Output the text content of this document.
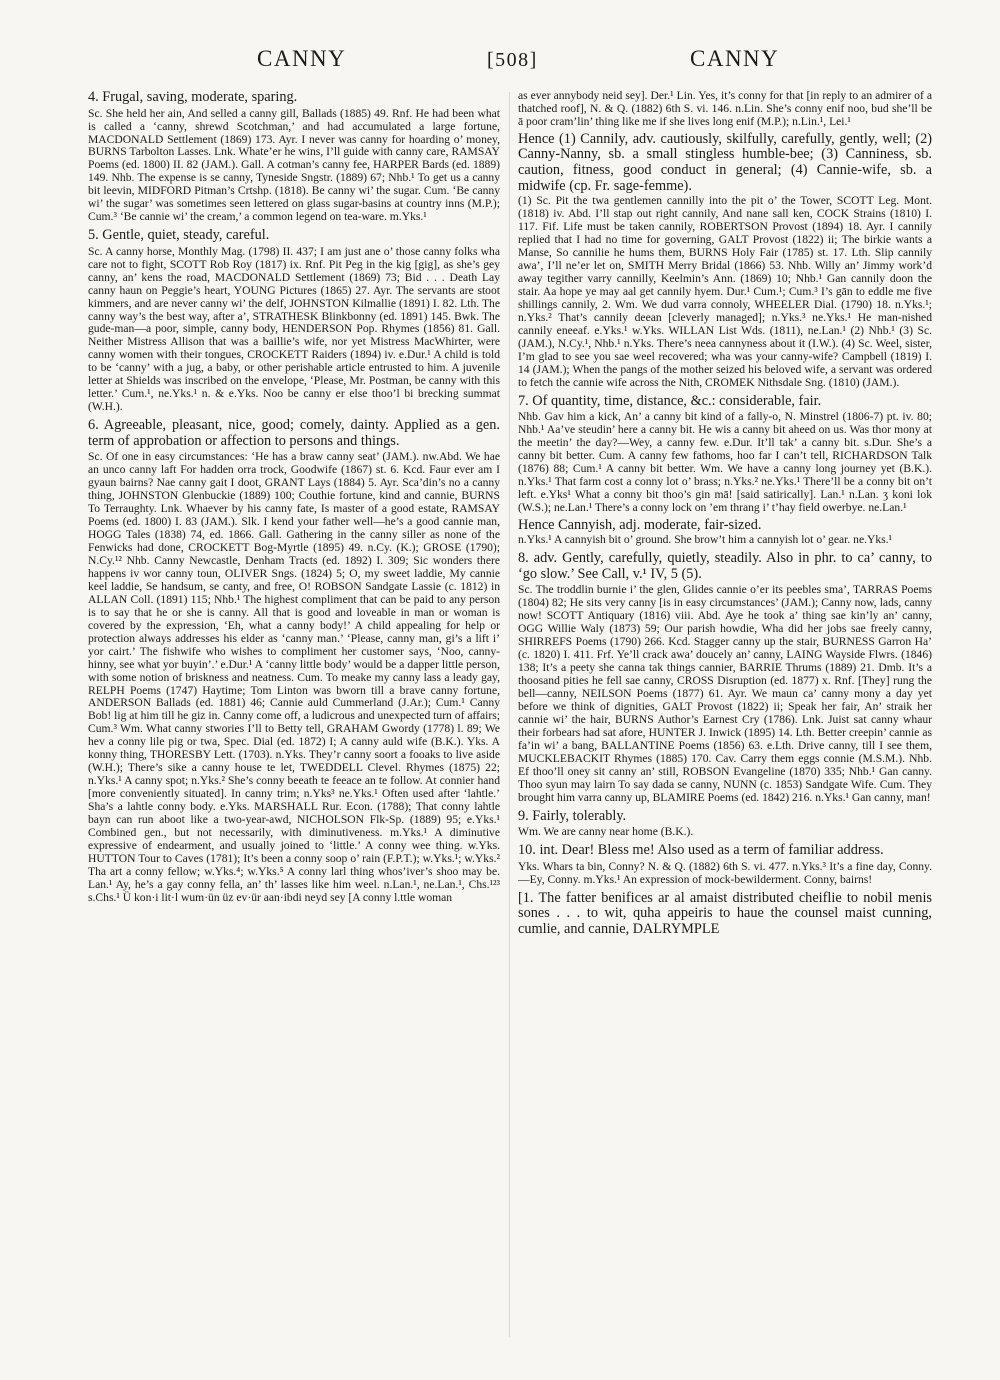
CANNY	[508]	CANNY

4. Frugal, saving, moderate, sparing.

Sc. She held her ain, And selled a canny gill, Ballads (1885) 49. Rnf. He had been what is called a ‘canny, shrewd Scotchman,’ and had accumulated a large fortune, MACDONALD Settlement (1869) 173. Ayr. I never was canny for hoarding o’ money, BURNS Tarbolton Lasses. Lnk. Whate’er he wins, I’ll guide with canny care, RAMSAY Poems (ed. 1800) II. 82 (JAM.). Gall. A cotman’s canny fee, HARPER Bards (ed. 1889) 149. Nhb. The expense is se canny, Tyneside Sngstr. (1889) 67; Nhb.¹ To get us a canny bit leevin, MIDFORD Pitman’s Crtshp. (1818). Be canny wi’ the sugar. Cum. ‘Be canny wi’ the sugar’ was sometimes seen lettered on glass sugar-basins at country inns (M.P.); Cum.³ ‘Be cannie wi’ the cream,’ a common legend on tea-ware. m.Yks.¹

5. Gentle, quiet, steady, careful.

Sc. A canny horse, Monthly Mag. (1798) II. 437; I am just ane o’ those canny folks wha care not to fight, SCOTT Rob Roy (1817) ix. Rnf. Pit Peg in the kig [gig], as she’s gey canny, an’ kens the road, MACDONALD Settlement (1869) 73; Bid . . . Death Lay canny haun on Peggie’s heart, YOUNG Pictures (1865) 27. Ayr. The servants are stoot kimmers, and are never canny wi’ the delf, JOHNSTON Kilmallie (1891) I. 82. Lth. The canny way’s the best way, after a’, STRATHESK Blinkbonny (ed. 1891) 145. Bwk. The gude-man—a poor, simple, canny body, HENDERSON Pop. Rhymes (1856) 81. Gall. Neither Mistress Allison that was a baillie’s wife, nor yet Mistress MacWhirter, were canny women with their tongues, CROCKETT Raiders (1894) iv. e.Dur.¹ A child is told to be ‘canny’ with a jug, a baby, or other perishable article entrusted to him. A juvenile letter at Shields was inscribed on the envelope, ‘Please, Mr. Postman, be canny with this letter.’ Cum.¹, ne.Yks.¹ n. & e.Yks. Noo be canny er else thoo’l bi brecking summat (W.H.).

6. Agreeable, pleasant, nice, good; comely, dainty. Applied as a gen. term of approbation or affection to persons and things.

Sc. Of one in easy circumstances: ‘He has a braw canny seat’ (JAM.). nw.Abd. We hae an unco canny laft For hadden orra trock, Goodwife (1867) st. 6. Kcd. Faur ever am I gyaun bairns? Nae canny gait I doot, GRANT Lays (1884) 5. Ayr. Sca’din’s no a canny thing, JOHNSTON Glenbuckie (1889) 100; Couthie fortune, kind and cannie, BURNS To Terraughty. Lnk. Whaever by his canny fate, Is master of a good estate, RAMSAY Poems (ed. 1800) I. 83 (JAM.). Slk. I kend your father well—he’s a good cannie man, HOGG Tales (1838) 74, ed. 1866. Gall. Gathering in the canny siller as none of the Fenwicks had done, CROCKETT Bog-Myrtle (1895) 49. n.Cy. (K.); GROSE (1790); N.Cy.¹² Nhb. Canny Newcastle, Denham Tracts (ed. 1892) I. 309; Sic wonders there happens iv wor canny toun, OLIVER Sngs. (1824) 5; O, my sweet laddie, My cannie keel laddie, Se handsum, se canty, and free, O! ROBSON Sandgate Lassie (c. 1812) in ALLAN Coll. (1891) 115; Nhb.¹ The highest compliment that can be paid to any person is to say that he or she is canny. All that is good and loveable in man or woman is covered by the expression, ‘Eh, what a canny body!’ A child appealing for help or protection always addresses his elder as ‘canny man.’ ‘Please, canny man, gi’s a lift i’ yor cairt.’ The fishwife who wishes to compliment her customer says, ‘Noo, canny-hinny, see what yor buyin’.’ e.Dur.¹ A ‘canny little body’ would be a dapper little person, with some notion of briskness and neatness. Cum. To meake my canny lass a leady gay, RELPH Poems (1747) Haytime; Tom Linton was bworn till a brave canny fortune, ANDERSON Ballads (ed. 1881) 46; Cannie auld Cummerland (J.Ar.); Cum.¹ Canny Bob! lig at him till he giz in. Canny come off, a ludicrous and unexpected turn of affairs; Cum.³ Wm. What canny stwories I’ll to Betty tell, GRAHAM Gwordy (1778) l. 89; We hev a conny lile pig or twa, Spec. Dial (ed. 1872) I; A canny auld wife (B.K.). Yks. A konny thing, THORESBY Lett. (1703). n.Yks. They’r canny soort a fooaks to live aside (W.H.); There’s sike a canny house te let, TWEDDELL Clevel. Rhymes (1875) 22; n.Yks.¹ A canny spot; n.Yks.² She’s conny beeath te feeace an te follow. At connier hand [more conveniently situated]. In canny trim; n.Yks³ ne.Yks.¹ Often used after ‘lahtle.’ Sha’s a lahtle conny body. e.Yks. MARSHALL Rur. Econ. (1788); That conny lahtle bayn can run aboot like a two-year-awd, NICHOLSON Flk-Sp. (1889) 95; e.Yks.¹ Combined gen., but not necessarily, with diminutiveness. m.Yks.¹ A diminutive expressive of endearment, and usually joined to ‘little.’ A conny wee thing. w.Yks. HUTTON Tour to Caves (1781); It’s been a conny soop o’ rain (F.P.T.); w.Yks.¹; w.Yks.² Tha art a conny fellow; w.Yks.⁴; w.Yks.⁵ A conny larl thing whos’iver’s shoo may be. Lan.¹ Ay, he’s a gay conny fella, an’ th’ lasses like him weel. n.Lan.¹, ne.Lan.¹, Chs.¹²³ s.Chs.¹ Ü kon·i lit·l wum·ün üz ev·ür aan·ibdi neyd sey [A conny l.ttle woman

as ever annybody neid sey]. Der.¹ Lin. Yes, it’s conny for that [in reply to an admirer of a thatched roof], N. & Q. (1882) 6th S. vi. 146. n.Lin. She’s conny enif noo, bud she’ll be ā poor cram’lin’ thing like me if she lives long enif (M.P.); n.Lin.¹, Lei.¹

Hence (1) Cannily, adv. cautiously, skilfully, carefully, gently, well; (2) Canny-Nanny, sb. a small stingless humble-bee; (3) Canniness, sb. caution, fitness, good conduct in general; (4) Cannie-wife, sb. a midwife (cp. Fr. sage-femme).

(1) Sc. Pit the twa gentlemen cannilly into the pit o’ the Tower, SCOTT Leg. Mont. (1818) iv. Abd. I’ll stap out right cannily, And nane sall ken, COCK Strains (1810) I. 117. Fif. Life must be taken cannily, ROBERTSON Provost (1894) 18. Ayr. I cannily replied that I had no time for governing, GALT Provost (1822) ii; The birkie wants a Manse, So cannilie he hums them, BURNS Holy Fair (1785) st. 17. Lth. Slip cannily awa’, I’ll ne’er let on, SMITH Merry Bridal (1866) 53. Nhb. Willy an’ Jimmy work’d away tegither varry cannilly, Keelmin’s Ann. (1869) 10; Nhb.¹ Gan cannily doon the stair. Aa hope ye may aal get cannily hyem. Dur.¹ Cum.¹; Cum.³ I’s gān to eddle me five shillings cannily, 2. Wm. We dud varra connoly, WHEELER Dial. (1790) 18. n.Yks.¹; n.Yks.² That’s cannily deean [cleverly managed]; n.Yks.³ ne.Yks.¹ He man-nished cannily eneeaf. e.Yks.¹ w.Yks. WILLAN List Wds. (1811), ne.Lan.¹ (2) Nhb.¹ (3) Sc. (JAM.), N.Cy.¹, Nhb.¹ n.Yks. There’s neea cannyness about it (I.W.). (4) Sc. Weel, sister, I’m glad to see you sae weel recovered; wha was your canny-wife? Campbell (1819) I. 14 (JAM.); When the pangs of the mother seized his beloved wife, a servant was ordered to fetch the cannie wife across the Nith, CROMEK Nithsdale Sng. (1810) (JAM.).

7. Of quantity, time, distance, &c.: considerable, fair.

Nhb. Gav him a kick, An’ a canny bit kind of a fally-o, N. Minstrel (1806-7) pt. iv. 80; Nhb.¹ Aa’ve steudin’ here a canny bit. He wis a canny bit aheed on us. Was thor mony at the meetin’ the day?—Wey, a canny few. e.Dur. It’ll tak’ a canny bit. s.Dur. She’s a canny bit better. Cum. A canny few fathoms, hoo far I can’t tell, RICHARDSON Talk (1876) 88; Cum.¹ A canny bit better. Wm. We have a canny long journey yet (B.K.). n.Yks.¹ That farm cost a conny lot o’ brass; n.Yks.² ne.Yks.¹ There’ll be a conny bit on’t left. e.Yks¹ What a conny bit thoo’s gin mā! [said satirically]. Lan.¹ n.Lan. ʒ koni lok (W.S.); ne.Lan.¹ There’s a conny lock on ’em thrang i’ t’hay field owerbye. ne.Lan.¹

Hence Cannyish, adj. moderate, fair-sized.

n.Yks.¹ A cannyish bit o’ ground. She brow’t him a cannyish lot o’ gear. ne.Yks.¹

8. adv. Gently, carefully, quietly, steadily. Also in phr. to ca’ canny, to ‘go slow.’ See Call, v.¹ IV, 5 (5).

Sc. The troddlin burnie i’ the glen, Glides cannie o’er its peebles sma’, TARRAS Poems (1804) 82; He sits very canny [is in easy circumstances’ (JAM.); Canny now, lads, canny now! SCOTT Antiquary (1816) viii. Abd. Aye he took a’ thing sae kin’ly an’ canny, OGG Willie Waly (1873) 59; Our parish howdie, Wha did her jobs sae freely canny, SHIRREFS Poems (1790) 266. Kcd. Stagger canny up the stair, BURNESS Garron Ha’ (c. 1820) I. 411. Frf. Ye’ll crack awa’ doucely an’ canny, LAING Wayside Flwrs. (1846) 138; It’s a peety she canna tak things cannier, BARRIE Thrums (1889) 21. Dmb. It’s a thoosand pities he fell sae canny, CROSS Disruption (ed. 1877) x. Rnf. [They] rung the bell—canny, NEILSON Poems (1877) 61. Ayr. We maun ca’ canny mony a day yet before we think of dignities, GALT Provost (1822) ii; Speak her fair, An’ straik her cannie wi’ the hair, BURNS Author’s Earnest Cry (1786). Lnk. Juist sat canny whaur their forbears had sat afore, HUNTER J. Inwick (1895) 14. Lth. Better creepin’ cannie as fa’in wi’ a bang, BALLANTINE Poems (1856) 63. e.Lth. Drive canny, till I see them, MUCKLEBACKIT Rhymes (1885) 170. Cav. Carry them eggs connie (M.S.M.). Nhb. Ef thoo’ll oney sit canny an’ still, ROBSON Evangeline (1870) 335; Nhb.¹ Gan canny. Thoo syun may lairn To say dada se canny, NUNN (c. 1853) Sandgate Wife. Cum. They brought him varra canny up, BLAMIRE Poems (ed. 1842) 216. n.Yks.¹ Gan canny, man!

9. Fairly, tolerably.

Wm. We are canny near home (B.K.).

10. int. Dear! Bless me! Also used as a term of familiar address.

Yks. Whars ta bin, Conny? N. & Q. (1882) 6th S. vi. 477. n.Yks.³ It’s a fine day, Conny.—Ey, Conny. m.Yks.¹ An expression of mock-bewilderment. Conny, bairns!

[1. The fatter benifices ar al amaist distributed cheiflie to nobil menis sones . . . to wit, quha appeiris to haue the counsel maist cunning, cumlie, and cannie, DALRYMPLE
